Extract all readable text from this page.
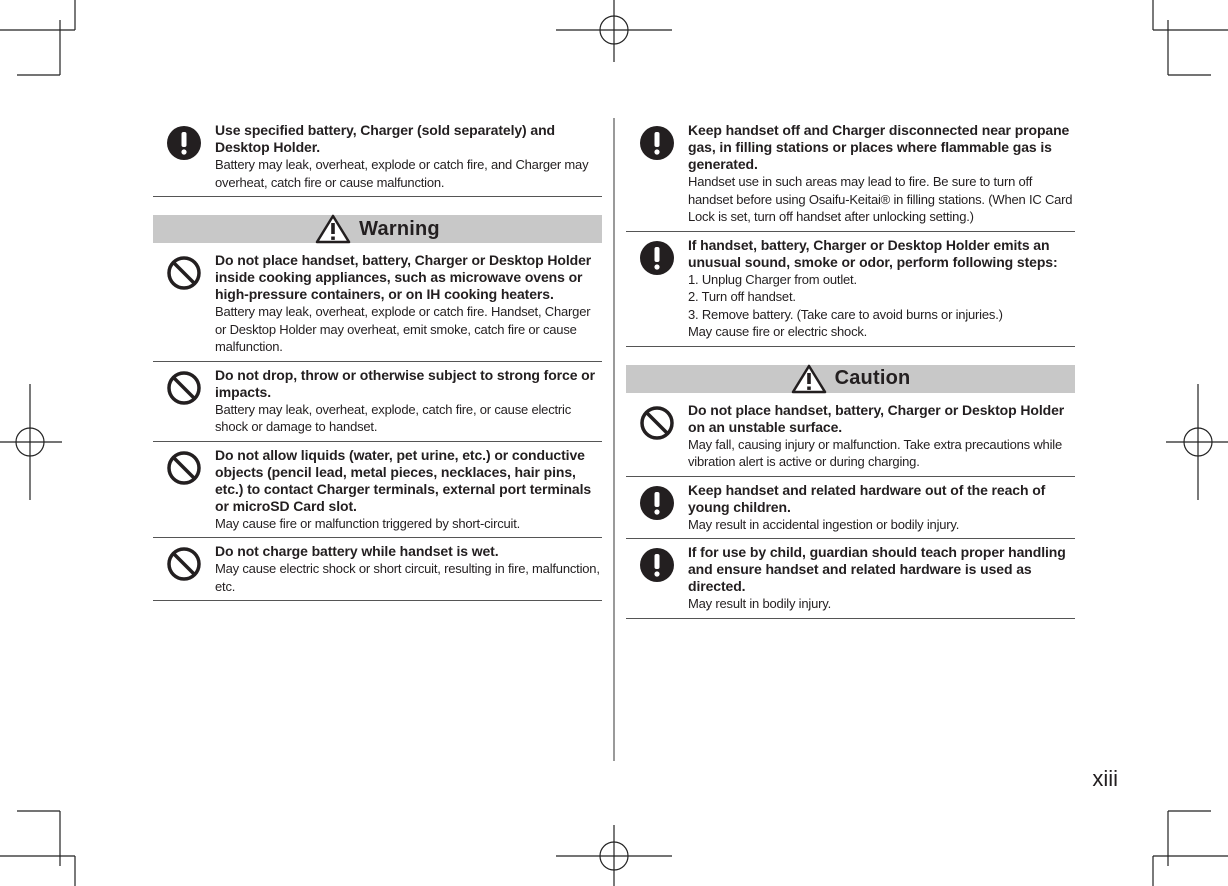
Use specified battery, Charger (sold separately) and Desktop Holder.

Battery may leak, overheat, explode or catch fire, and Charger may overheat, catch fire or cause malfunction.

Warning

Do not place handset, battery, Charger or Desktop Holder inside cooking appliances, such as microwave ovens or high-pressure containers, or on IH cooking heaters.

Battery may leak, overheat, explode or catch fire. Handset, Charger or Desktop Holder may overheat, emit smoke, catch fire or cause malfunction.

Do not drop, throw or otherwise subject to strong force or impacts.

Battery may leak, overheat, explode, catch fire, or cause electric shock or damage to handset.

Do not allow liquids (water, pet urine, etc.) or conductive objects (pencil lead, metal pieces, necklaces, hair pins, etc.) to contact Charger terminals, external port terminals or microSD Card slot.

May cause fire or malfunction triggered by short-circuit.

Do not charge battery while handset is wet.

May cause electric shock or short circuit, resulting in fire, malfunction, etc.

Keep handset off and Charger disconnected near propane gas, in filling stations or places where flammable gas is generated.

Handset use in such areas may lead to fire. Be sure to turn off handset before using Osaifu-Keitai® in filling stations. (When IC Card Lock is set, turn off handset after unlocking setting.)

If handset, battery, Charger or Desktop Holder emits an unusual sound, smoke or odor, perform following steps:

1. Unplug Charger from outlet.
2. Turn off handset.
3. Remove battery. (Take care to avoid burns or injuries.)

May cause fire or electric shock.

Caution

Do not place handset, battery, Charger or Desktop Holder on an unstable surface.

May fall, causing injury or malfunction. Take extra precautions while vibration alert is active or during charging.

Keep handset and related hardware out of the reach of young children.

May result in accidental ingestion or bodily injury.

If for use by child, guardian should teach proper handling and ensure handset and related hardware is used as directed.

May result in bodily injury.

xiii
